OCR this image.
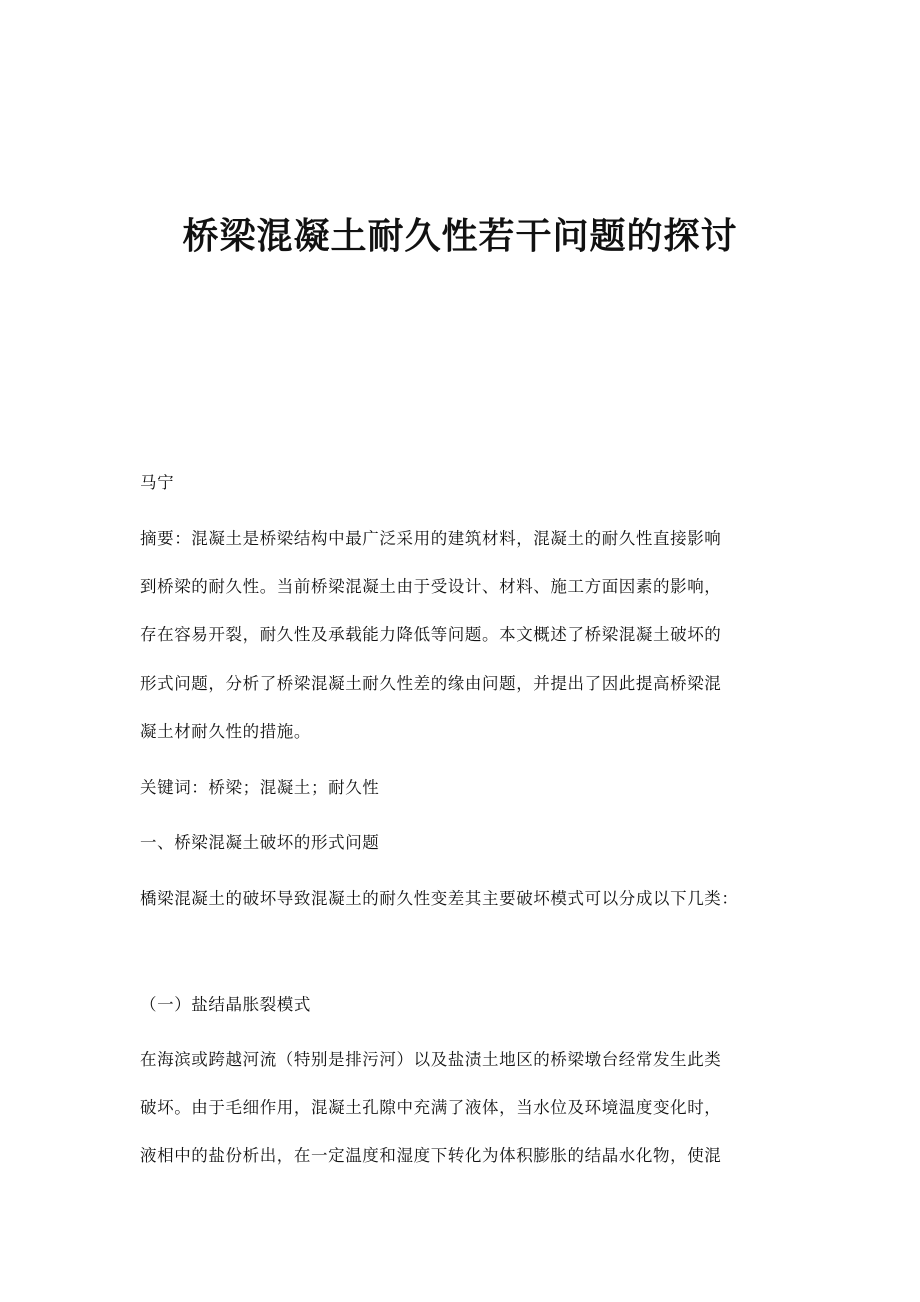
桥梁混凝土耐久性若干问题的探讨

马宁

摘要：混凝土是桥梁结构中最广泛采用的建筑材料，混凝土的耐久性直接影响

到桥梁的耐久性。当前桥梁混凝土由于受设计、材料、施工方面因素的影响，

存在容易开裂，耐久性及承载能力降低等问题。本文概述了桥梁混凝土破坏的

形式问题，分析了桥梁混凝土耐久性差的缘由问题，并提出了因此提高桥梁混

凝土材耐久性的措施。

关键词：桥梁；混凝土；耐久性

一、桥梁混凝土破坏的形式问题

橋梁混凝土的破坏导致混凝土的耐久性变差其主要破坏模式可以分成以下几类：

（一）盐结晶胀裂模式

在海滨或跨越河流（特别是排污河）以及盐渍土地区的桥梁墩台经常发生此类

破坏。由于毛细作用，混凝土孔隙中充满了液体，当水位及环境温度变化时，

液相中的盐份析出，在一定温度和湿度下转化为体积膨胀的结晶水化物，使混
